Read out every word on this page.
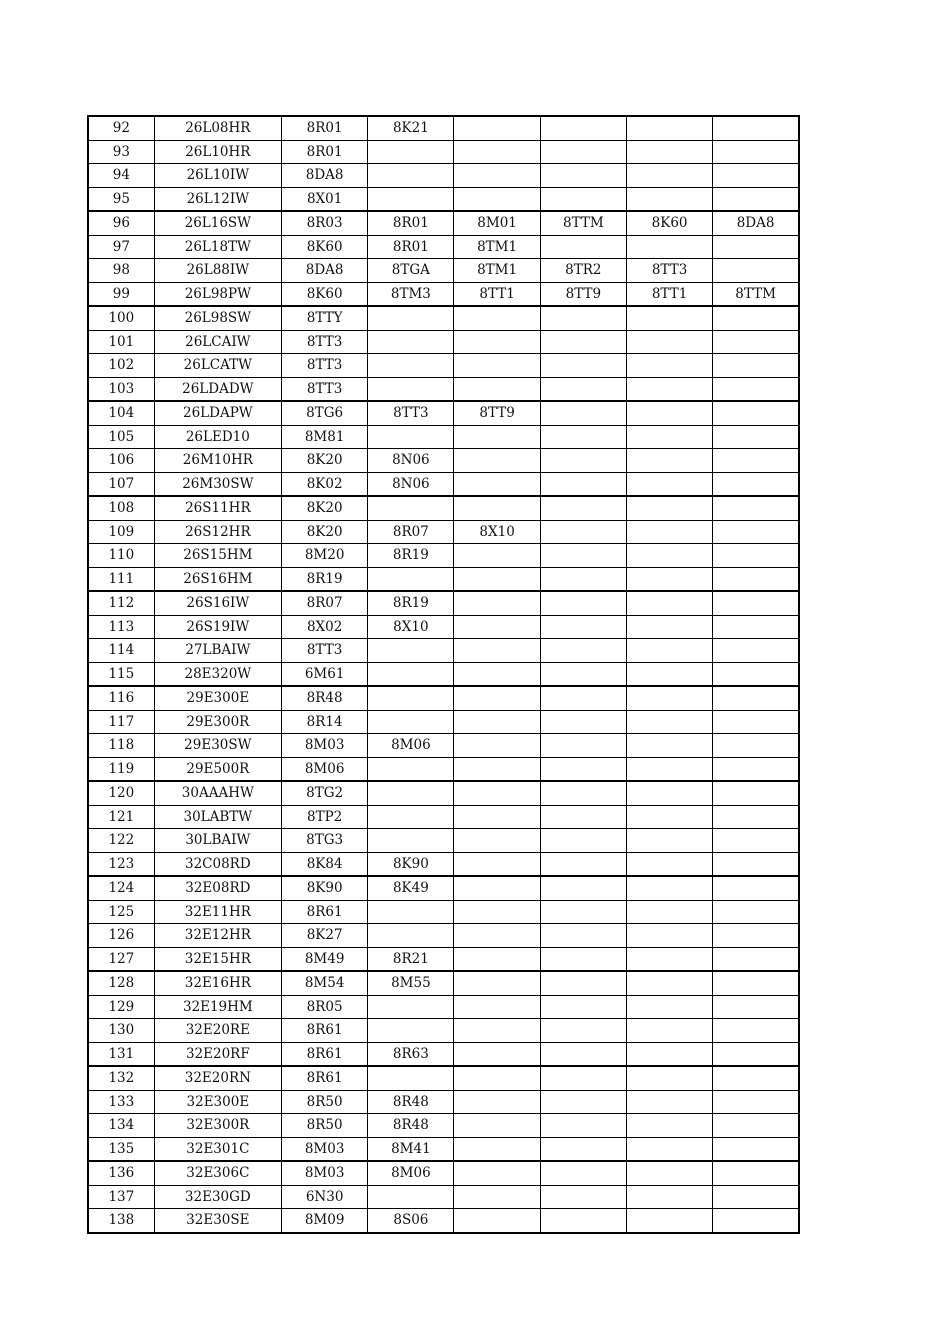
92	26L08HR	8R01	8K21				
93	26L10HR	8R01					
94	26L10IW	8DA8					
95	26L12IW	8X01					
96	26L16SW	8R03	8R01	8M01	8TTM	8K60	8DA8
97	26L18TW	8K60	8R01	8TM1			
98	26L88IW	8DA8	8TGA	8TM1	8TR2	8TT3	
99	26L98PW	8K60	8TM3	8TT1	8TT9	8TT1	8TTM
100	26L98SW	8TTY					
101	26LCAIW	8TT3					
102	26LCATW	8TT3					
103	26LDADW	8TT3					
104	26LDAPW	8TG6	8TT3	8TT9			
105	26LED10	8M81					
106	26M10HR	8K20	8N06				
107	26M30SW	8K02	8N06				
108	26S11HR	8K20					
109	26S12HR	8K20	8R07	8X10			
110	26S15HM	8M20	8R19				
111	26S16HM	8R19					
112	26S16IW	8R07	8R19				
113	26S19IW	8X02	8X10				
114	27LBAIW	8TT3					
115	28E320W	6M61					
116	29E300E	8R48					
117	29E300R	8R14					
118	29E30SW	8M03	8M06				
119	29E500R	8M06					
120	30AAAHW	8TG2					
121	30LABTW	8TP2					
122	30LBAIW	8TG3					
123	32C08RD	8K84	8K90				
124	32E08RD	8K90	8K49				
125	32E11HR	8R61					
126	32E12HR	8K27					
127	32E15HR	8M49	8R21				
128	32E16HR	8M54	8M55				
129	32E19HM	8R05					
130	32E20RE	8R61					
131	32E20RF	8R61	8R63				
132	32E20RN	8R61					
133	32E300E	8R50	8R48				
134	32E300R	8R50	8R48				
135	32E301C	8M03	8M41				
136	32E306C	8M03	8M06				
137	32E30GD	6N30					
138	32E30SE	8M09	8S06				
